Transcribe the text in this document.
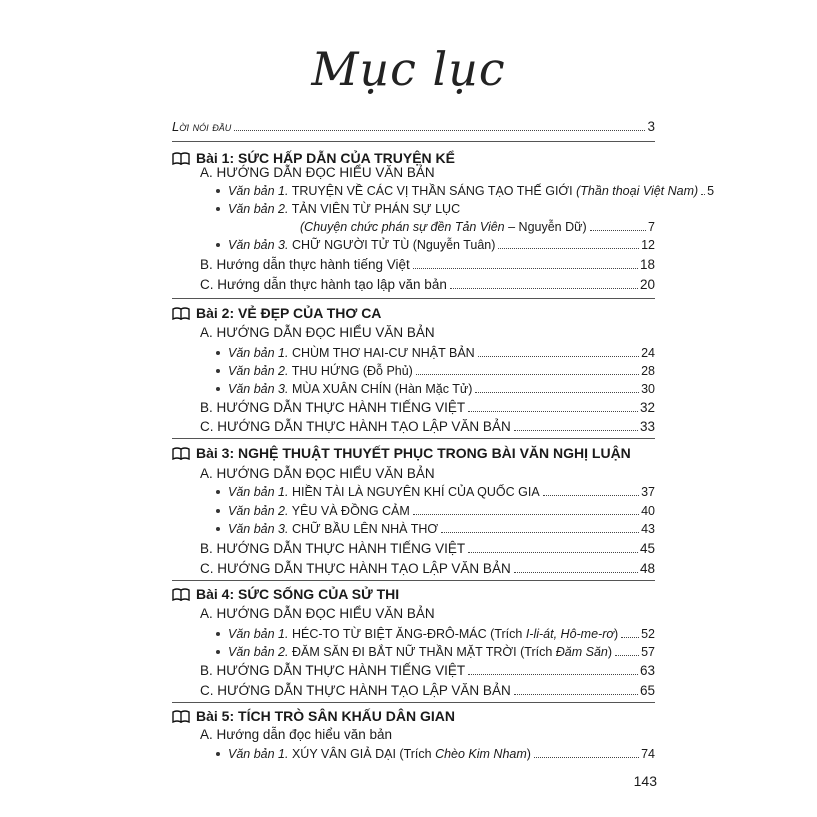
Mục lục
Lời nói đầu	3
Bài 1: SỨC HẤP DẪN CỦA TRUYỆN KỂ
A. HƯỚNG DẪN ĐỌC HIỂU VĂN BẢN
Văn bản 1. TRUYỆN VỀ CÁC VỊ THẦN SÁNG TẠO THẾ GIỚI (Thần thoại Việt Nam) 5
Văn bản 2. TẢN VIÊN TỪ PHÁN SỰ LỤC
(Chuyện chức phán sự đền Tản Viên – Nguyễn Dữ)	7
Văn bản 3. CHỮ NGƯỜI TỬ TÙ (Nguyễn Tuân)	12
B. Hướng dẫn thực hành tiếng Việt	18
C. Hướng dẫn thực hành tạo lập văn bản	20
Bài 2: VẺ ĐẸP CỦA THƠ CA
A. HƯỚNG DẪN ĐỌC HIỂU VĂN BẢN
Văn bản 1. CHÙM THƠ HAI-CƯ NHẬT BẢN	24
Văn bản 2. THU HỨNG (Đỗ Phủ)	28
Văn bản 3. MÙA XUÂN CHÍN (Hàn Mặc Tử)	30
B. HƯỚNG DẪN THỰC HÀNH TIẾNG VIỆT	32
C. HƯỚNG DẪN THỰC HÀNH TẠO LẬP VĂN BẢN	33
Bài 3: NGHỆ THUẬT THUYẾT PHỤC TRONG BÀI VĂN NGHỊ LUẬN
A. HƯỚNG DẪN ĐỌC HIỂU VĂN BẢN
Văn bản 1. HIỀN TÀI LÀ NGUYÊN KHÍ CỦA QUỐC GIA	37
Văn bản 2. YÊU VÀ ĐỒNG CẢM	40
Văn bản 3. CHỮ BẦU LÊN NHÀ THƠ	43
B. HƯỚNG DẪN THỰC HÀNH TIẾNG VIỆT	45
C. HƯỚNG DẪN THỰC HÀNH TẠO LẬP VĂN BẢN	48
Bài 4: SỨC SỐNG CỦA SỬ THI
A. HƯỚNG DẪN ĐỌC HIỂU VĂN BẢN
Văn bản 1. HÉC-TO TỪ BIỆT ĂNG-ĐRÔ-MÁC (Trích I-li-át, Hô-me-rơ) 52
Văn bản 2. ĐĂM SĂN ĐI BẮT NỮ THẦN MẶT TRỜI (Trích Đăm Săn) 57
B. HƯỚNG DẪN THỰC HÀNH TIẾNG VIỆT	63
C. HƯỚNG DẪN THỰC HÀNH TẠO LẬP VĂN BẢN	65
Bài 5: TÍCH TRÒ SÂN KHẤU DÂN GIAN
A. Hướng dẫn đọc hiểu văn bản
Văn bản 1. XÚY VÂN GIẢ DẠI (Trích Chèo Kim Nham)	74
143
